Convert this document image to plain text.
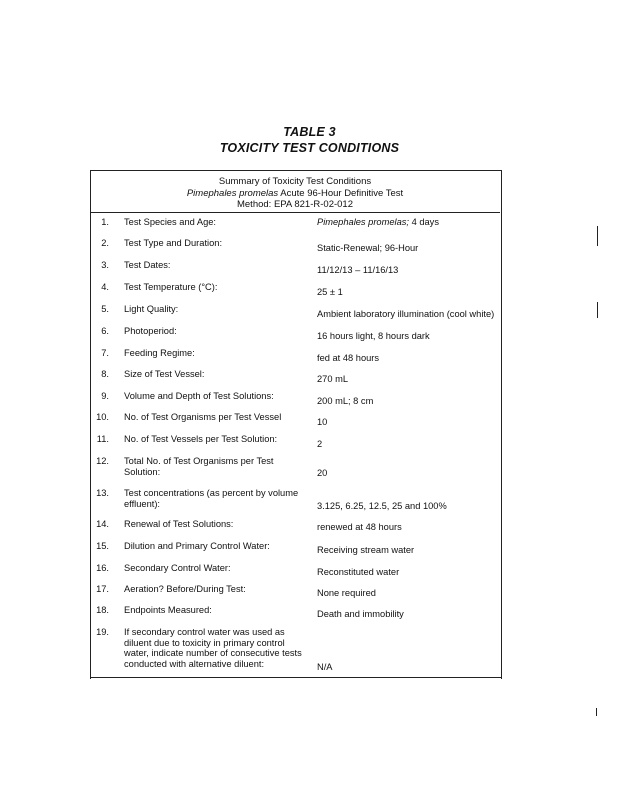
TABLE 3
TOXICITY TEST CONDITIONS
Summary of Toxicity Test Conditions
Pimephales promelas Acute 96-Hour Definitive Test
Method: EPA 821-R-02-012
1. Test Species and Age:	Pimephales promelas; 4 days
2. Test Type and Duration:	Static-Renewal; 96-Hour
3. Test Dates:	11/12/13 – 11/16/13
4. Test Temperature (°C):	25 ± 1
5. Light Quality:	Ambient laboratory illumination (cool white)
6. Photoperiod:	16 hours light, 8 hours dark
7. Feeding Regime:	fed at 48 hours
8. Size of Test Vessel:	270 mL
9. Volume and Depth of Test Solutions:	200 mL; 8 cm
10. No. of Test Organisms per Test Vessel	10
11. No. of Test Vessels per Test Solution:	2
12. Total No. of Test Organisms per Test Solution:	20
13. Test concentrations (as percent by volume effluent):	3.125, 6.25, 12.5, 25 and 100%
14. Renewal of Test Solutions:	renewed at 48 hours
15. Dilution and Primary Control Water:	Receiving stream water
16. Secondary Control Water:	Reconstituted water
17. Aeration? Before/During Test:	None required
18. Endpoints Measured:	Death and immobility
19. If secondary control water was used as diluent due to toxicity in primary control water, indicate number of consecutive tests conducted with alternative diluent:	N/A
